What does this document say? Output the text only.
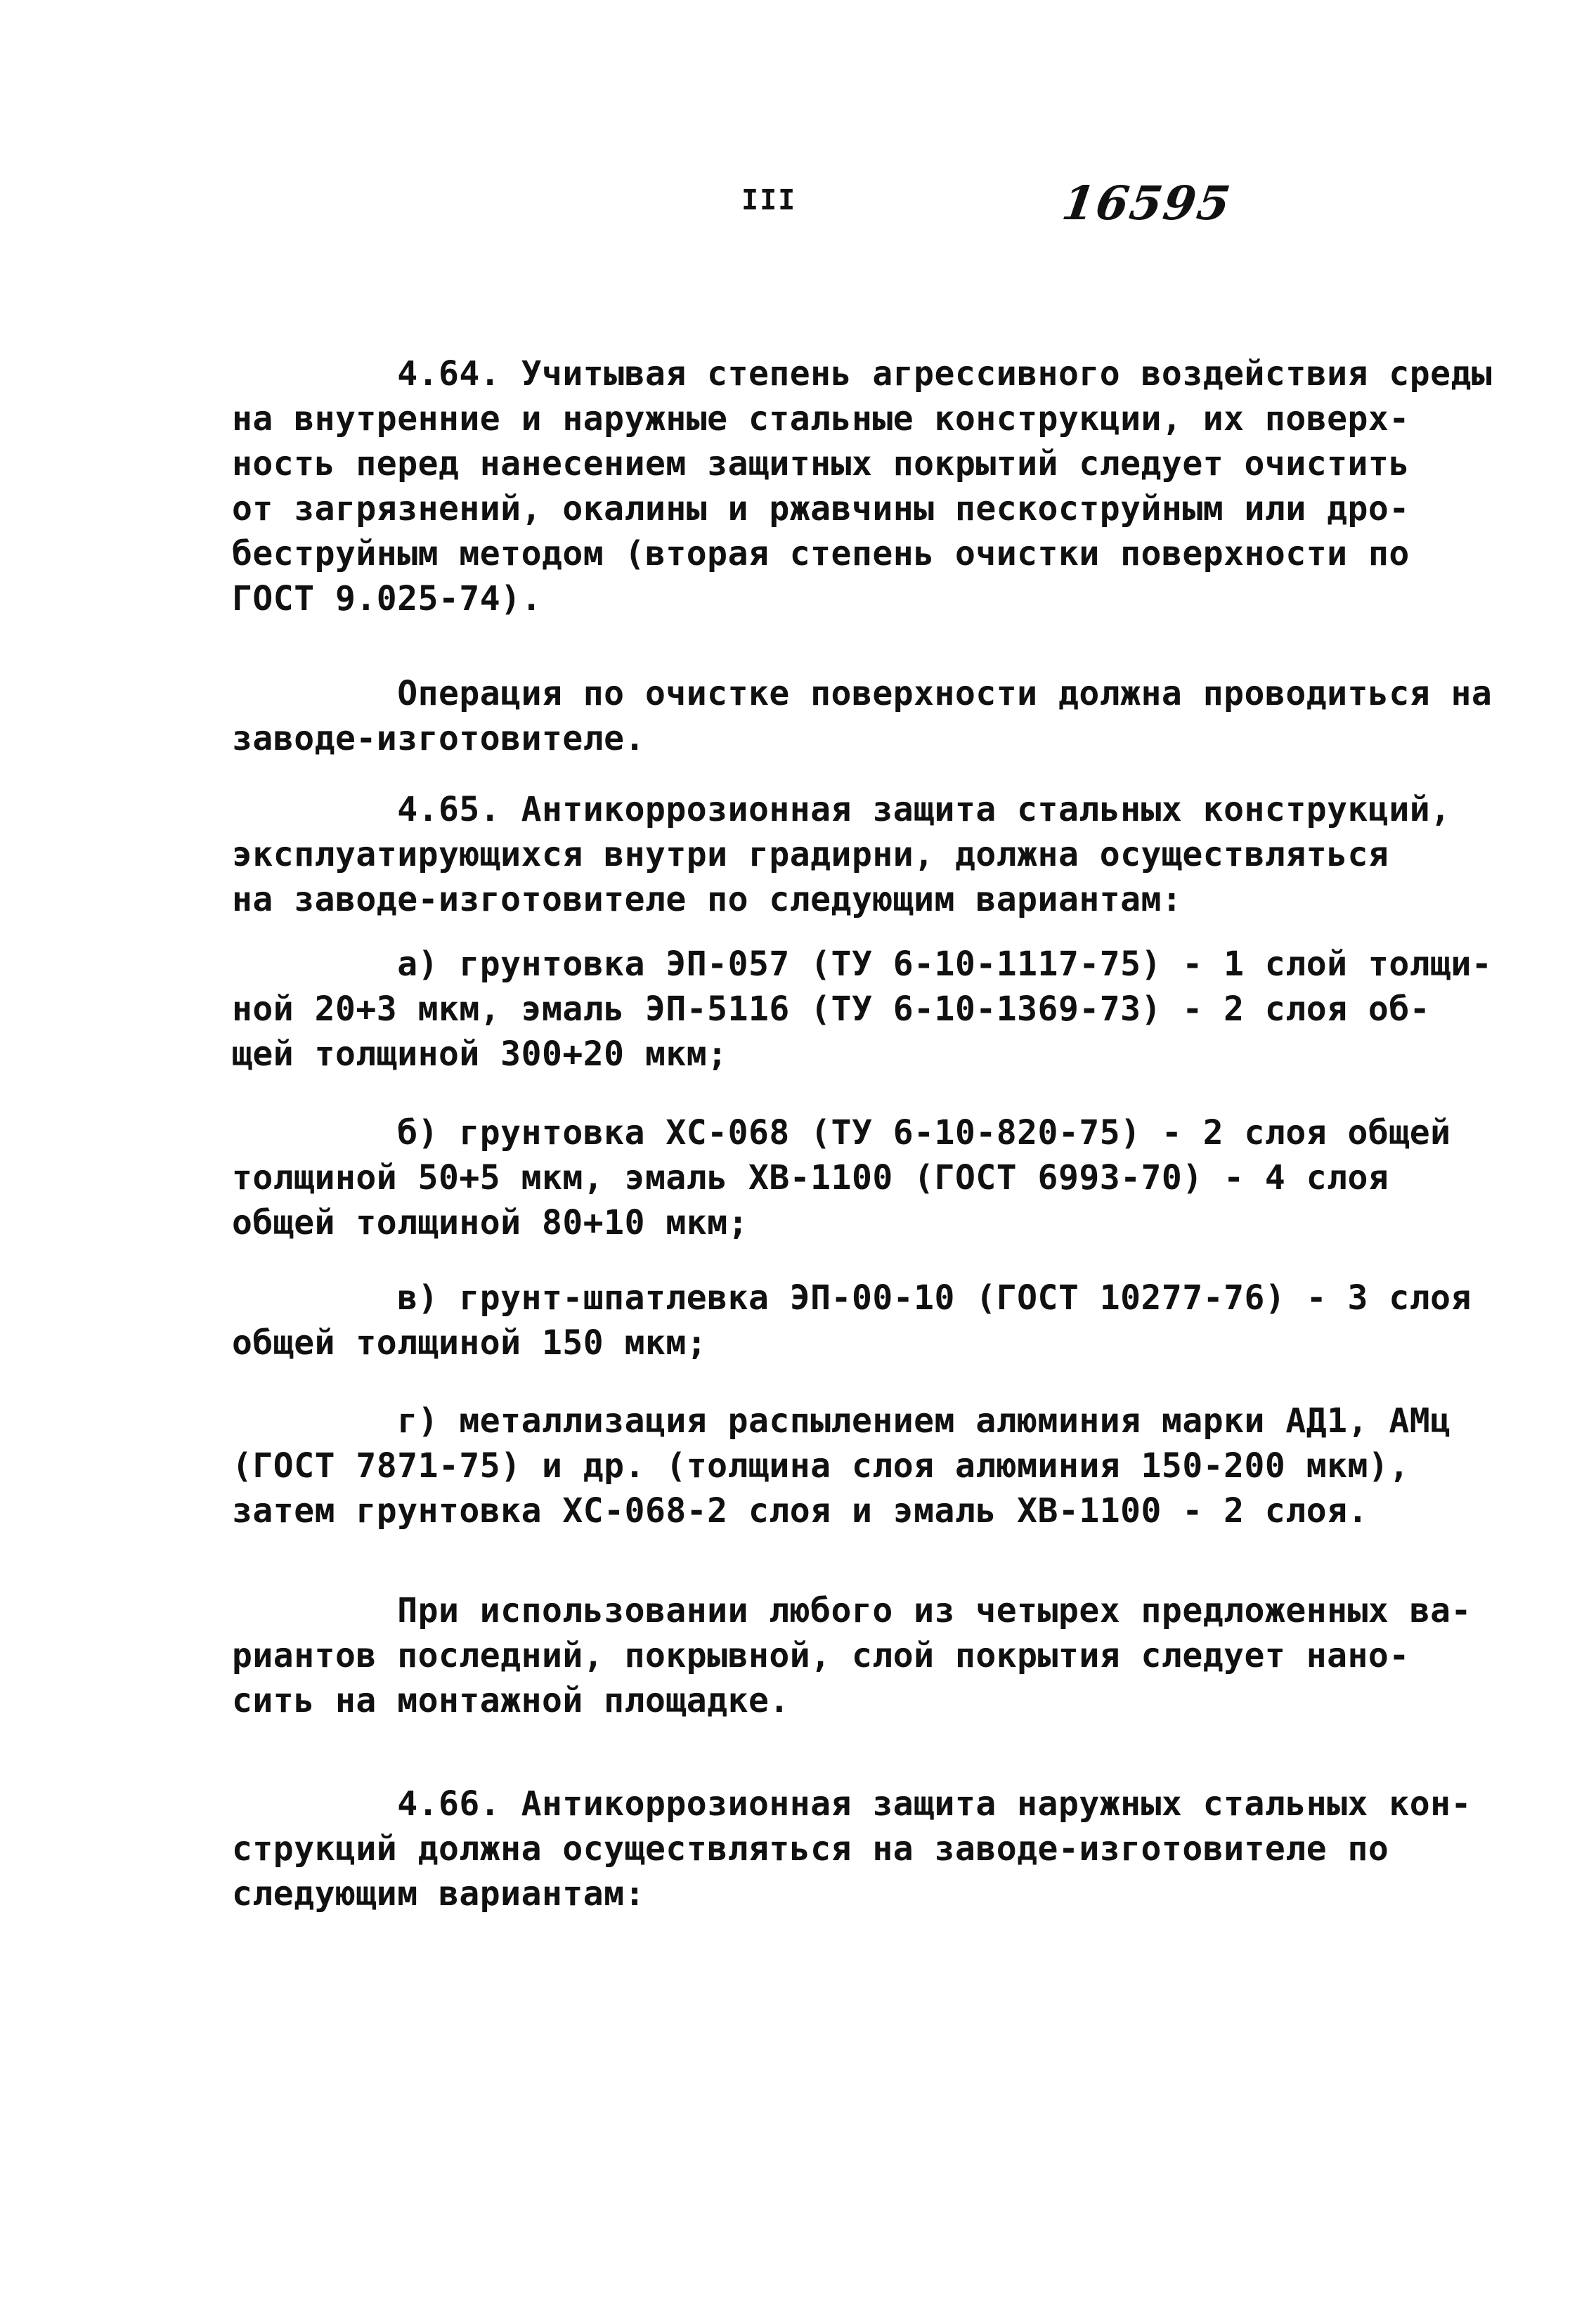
III	16595
4.64. Учитывая степень агрессивного воздействия среды
на внутренние и наружные стальные конструкции, их поверх-
ность перед нанесением защитных покрытий следует очистить
от загрязнений, окалины и ржавчины пескоструйным или дро-
беструйным методом (вторая степень очистки поверхности по
ГОСТ 9.025-74).
Операция по очистке поверхности должна проводиться на
заводе-изготовителе.
4.65. Антикоррозионная защита стальных конструкций,
эксплуатирующихся внутри градирни, должна осуществляться
на заводе-изготовителе по следующим вариантам:
а) грунтовка ЭП-057 (ТУ 6-10-1117-75) - 1 слой толщи-
ной 20+3 мкм, эмаль ЭП-5116 (ТУ 6-10-1369-73) - 2 слоя об-
щей толщиной 300+20 мкм;
б) грунтовка ХС-068 (ТУ 6-10-820-75) - 2 слоя общей
толщиной 50+5 мкм, эмаль ХВ-1100 (ГОСТ 6993-70) - 4 слоя
общей толщиной 80+10 мкм;
в) грунт-шпатлевка ЭП-00-10 (ГОСТ 10277-76) - 3 слоя
общей толщиной 150 мкм;
г) металлизация распылением алюминия марки АД1, АМц
(ГОСТ 7871-75) и др. (толщина слоя алюминия 150-200 мкм),
затем грунтовка ХС-068-2 слоя и эмаль ХВ-1100 - 2 слоя.
При использовании любого из четырех предложенных ва-
риантов последний, покрывной, слой покрытия следует нано-
сить на монтажной площадке.
4.66. Антикоррозионная защита наружных стальных кон-
струкций должна осуществляться на заводе-изготовителе по
следующим вариантам:
